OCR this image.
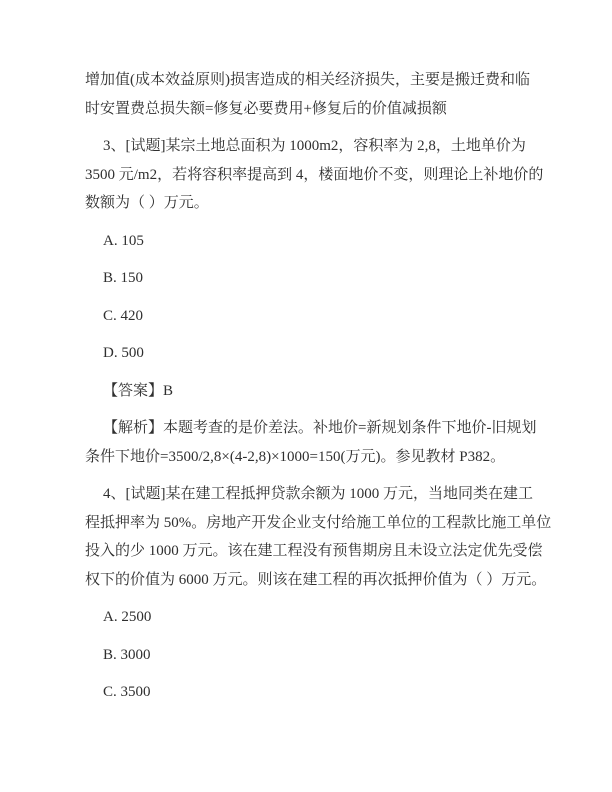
增加值(成本效益原则)损害造成的相关经济损失，主要是搬迁费和临
时安置费总损失额=修复必要费用+修复后的价值减损额
3、[试题]某宗土地总面积为 1000m2，容积率为 2,8，土地单价为
3500 元/m2，若将容积率提高到 4，楼面地价不变，则理论上补地价的
数额为（ ）万元。
A. 105
B. 150
C. 420
D. 500
【答案】B
【解析】本题考查的是价差法。补地价=新规划条件下地价-旧规划
条件下地价=3500/2,8×(4-2,8)×1000=150(万元)。参见教材 P382。
4、[试题]某在建工程抵押贷款余额为 1000 万元，当地同类在建工
程抵押率为 50%。房地产开发企业支付给施工单位的工程款比施工单位
投入的少 1000 万元。该在建工程没有预售期房且未设立法定优先受偿
权下的价值为 6000 万元。则该在建工程的再次抵押价值为（ ）万元。
A. 2500
B. 3000
C. 3500
